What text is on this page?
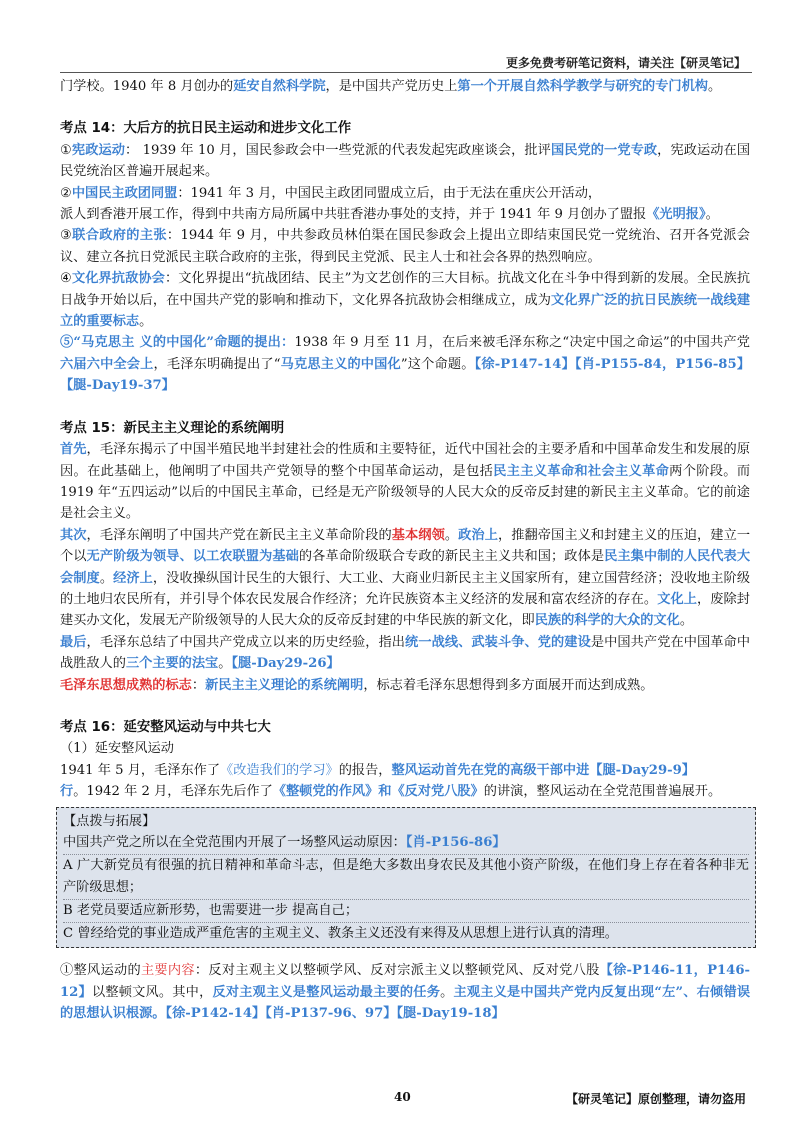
更多免费考研笔记资料，请关注【研灵笔记】

门学校。1940 年 8 月创办的延安自然科学院，是中国共产党历史上第一个开展自然科学教学与研究的专门机构。

考点 14：大后方的抗日民主运动和进步文化工作

①宪政运动： 1939 年 10 月，国民参政会中一些党派的代表发起宪政座谈会，批评国民党的一党专政，宪政运动在国民党统治区普遍开展起来。

②中国民主政团同盟：1941 年 3 月，中国民主政团同盟成立后，由于无法在重庆公开活动，
派人到香港开展工作，得到中共南方局所属中共驻香港办事处的支持，并于 1941 年 9 月创办了盟报《光明报》。

③联合政府的主张：1944 年 9 月，中共参政员林伯渠在国民参政会上提出立即结束国民党一党统治、召开各党派会议、建立各抗日党派民主联合政府的主张，得到民主党派、民主人士和社会各界的热烈响应。

④文化界抗敌协会：文化界提出“抗战团结、民主”为文艺创作的三大目标。抗战文化在斗争中得到新的发展。全民族抗日战争开始以后，在中国共产党的影响和推动下，文化界各抗敌协会相继成立，成为文化界广泛的抗日民族统一战线建立的重要标志。

⑤“马克思主 义的中国化”命题的提出：1938 年 9 月至 11 月，在后来被毛泽东称之“决定中国之命运”的中国共产党六届六中全会上，毛泽东明确提出了“马克思主义的中国化”这个命题。【徐-P147-14】【肖-P155-84，P156-85】【腿-Day19-37】

考点 15：新民主主义理论的系统阐明

首先，毛泽东揭示了中国半殖民地半封建社会的性质和主要特征，近代中国社会的主要矛盾和中国革命发生和发展的原因。在此基础上，他阐明了中国共产党领导的整个中国革命运动，是包括民主主义革命和社会主义革命两个阶段。而 1919 年“五四运动”以后的中国民主革命，已经是无产阶级领导的人民大众的反帝反封建的新民主主义革命。它的前途是社会主义。

其次，毛泽东阐明了中国共产党在新民主主义革命阶段的基本纲领。政治上，推翻帝国主义和封建主义的压迫，建立一个以无产阶级为领导、以工农联盟为基础的各革命阶级联合专政的新民主主义共和国；政体是民主集中制的人民代表大会制度。经济上，没收操纵国计民生的大银行、大工业、大商业归新民主主义国家所有，建立国营经济；没收地主阶级的土地归农民所有，并引导个体农民发展合作经济；允许民族资本主义经济的发展和富农经济的存在。文化上，废除封建买办文化，发展无产阶级领导的人民大众的反帝反封建的中华民族的新文化，即民族的科学的大众的文化。

最后，毛泽东总结了中国共产党成立以来的历史经验，指出统一战线、武装斗争、党的建设是中国共产党在中国革命中战胜敌人的三个主要的法宝。【腿-Day29-26】

毛泽东思想成熟的标志：新民主主义理论的系统阐明，标志着毛泽东思想得到多方面展开而达到成熟。

考点 16：延安整风运动与中共七大

（1）延安整风运动

1941 年 5 月，毛泽东作了《改造我们的学习》的报告，整风运动首先在党的高级干部中进【腿-Day29-9】
行。1942 年 2 月，毛泽东先后作了《整顿党的作风》和《反对党八股》的讲演，整风运动在全党范围普遍展开。

【点拨与拓展】

中国共产党之所以在全党范围内开展了一场整风运动原因：【肖-P156-86】

A 广大新党员有很强的抗日精神和革命斗志，但是绝大多数出身农民及其他小资产阶级，在他们身上存在着各种非无产阶级思想；

B 老党员要适应新形势，也需要进一步 提高自己；

C 曾经给党的事业造成严重危害的主观主义、教条主义还没有来得及从思想上进行认真的清理。

①整风运动的主要内容：反对主观主义以整顿学风、反对宗派主义以整顿党风、反对党八股【徐-P146-11，P146-12】以整顿文风。其中，反对主观主义是整风运动最主要的任务。主观主义是中国共产党内反复出现“左”、右倾错误的思想认识根源。【徐-P142-14】【肖-P137-96、97】【腿-Day19-18】

40	【研灵笔记】原创整理，请勿盗用
